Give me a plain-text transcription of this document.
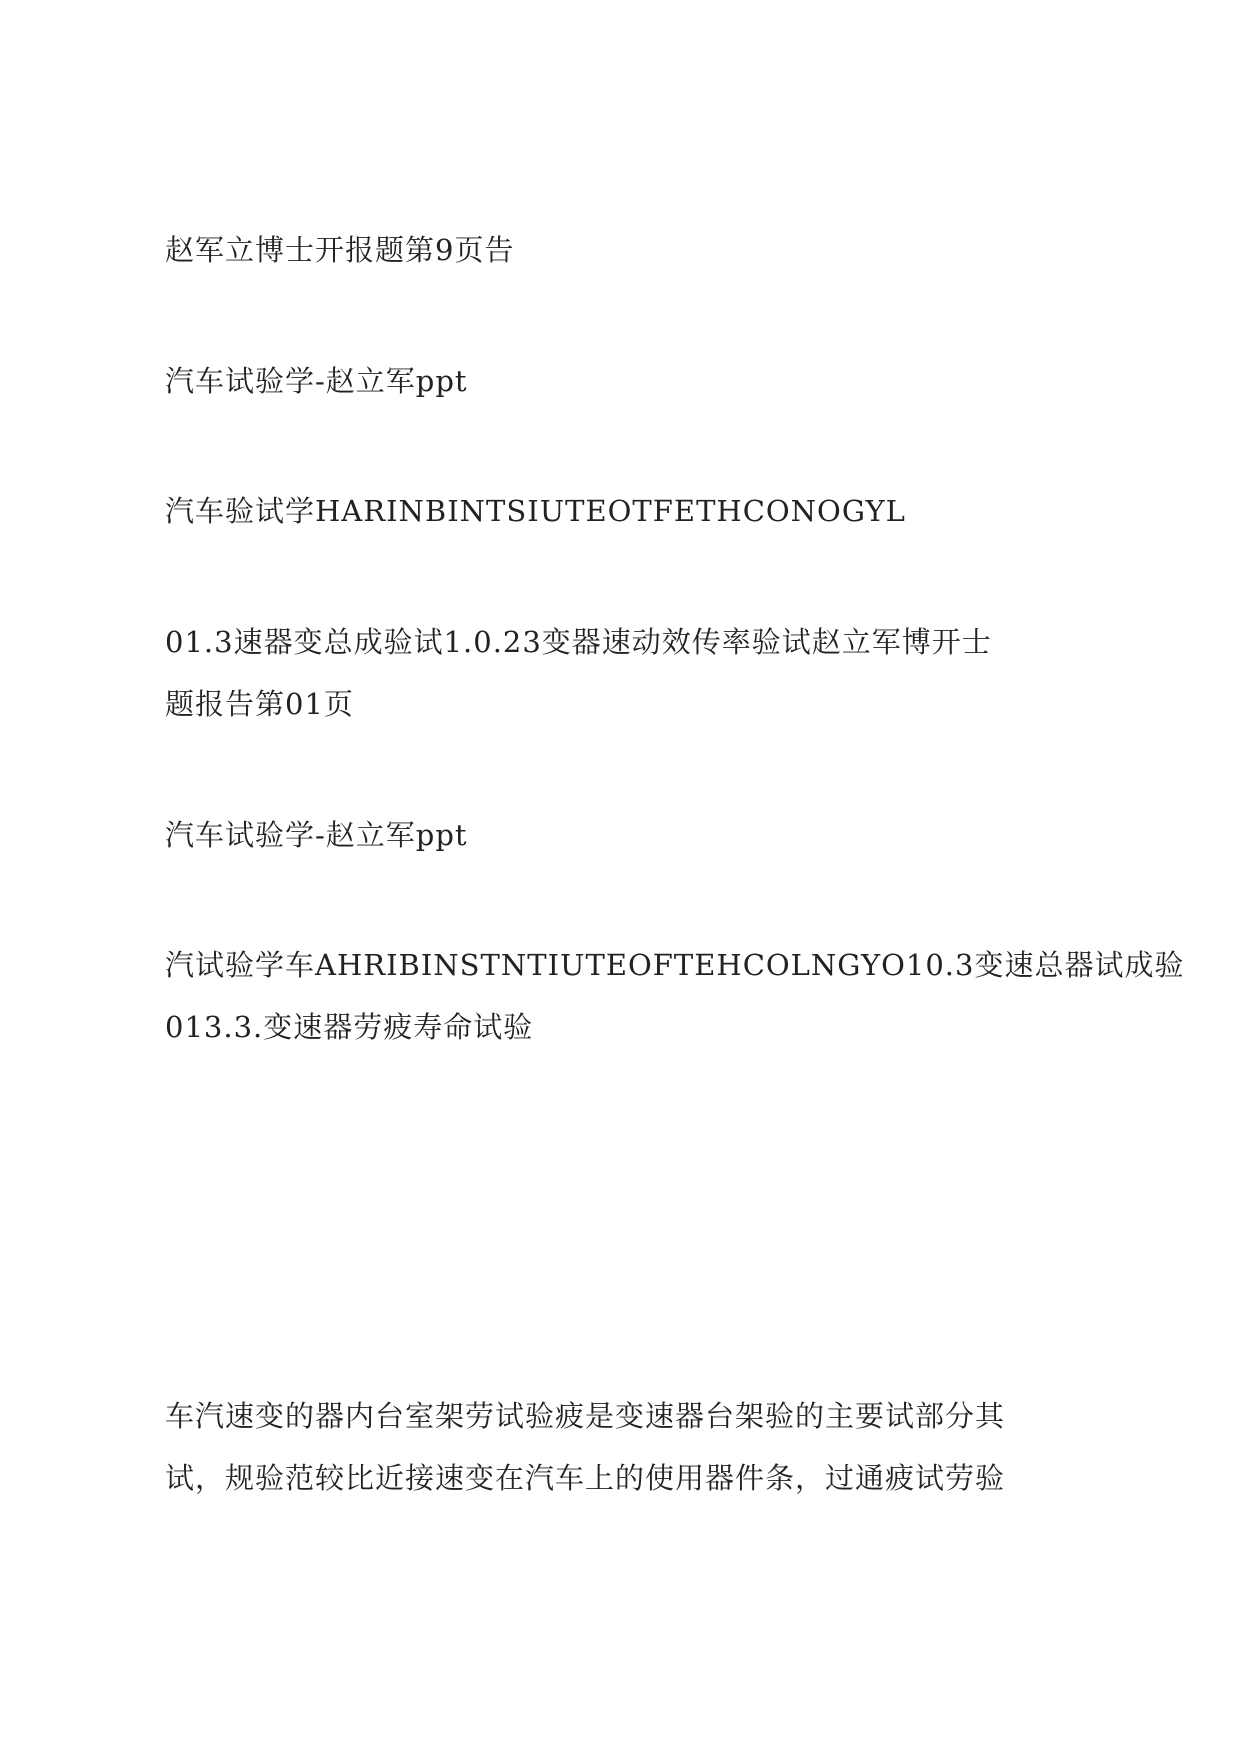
赵军立博士开报题第9页告
汽车试验学-赵立军ppt
汽车验试学HARINBINTSIUTEOTFETHCONOGYL
01.3速器变总成验试1.0.23变器速动效传率验试赵立军博开士
题报告第01页
汽车试验学-赵立军ppt
汽试验学车AHRIBINSTNTIUTEOFTEHCOLNGYO10.3变速总器试成验
013.3.变速器劳疲寿命试验
车汽速变的器内台室架劳试验疲是变速器台架验的主要试部分其
试，规验范较比近接速变在汽车上的使用器件条，过通疲试劳验
